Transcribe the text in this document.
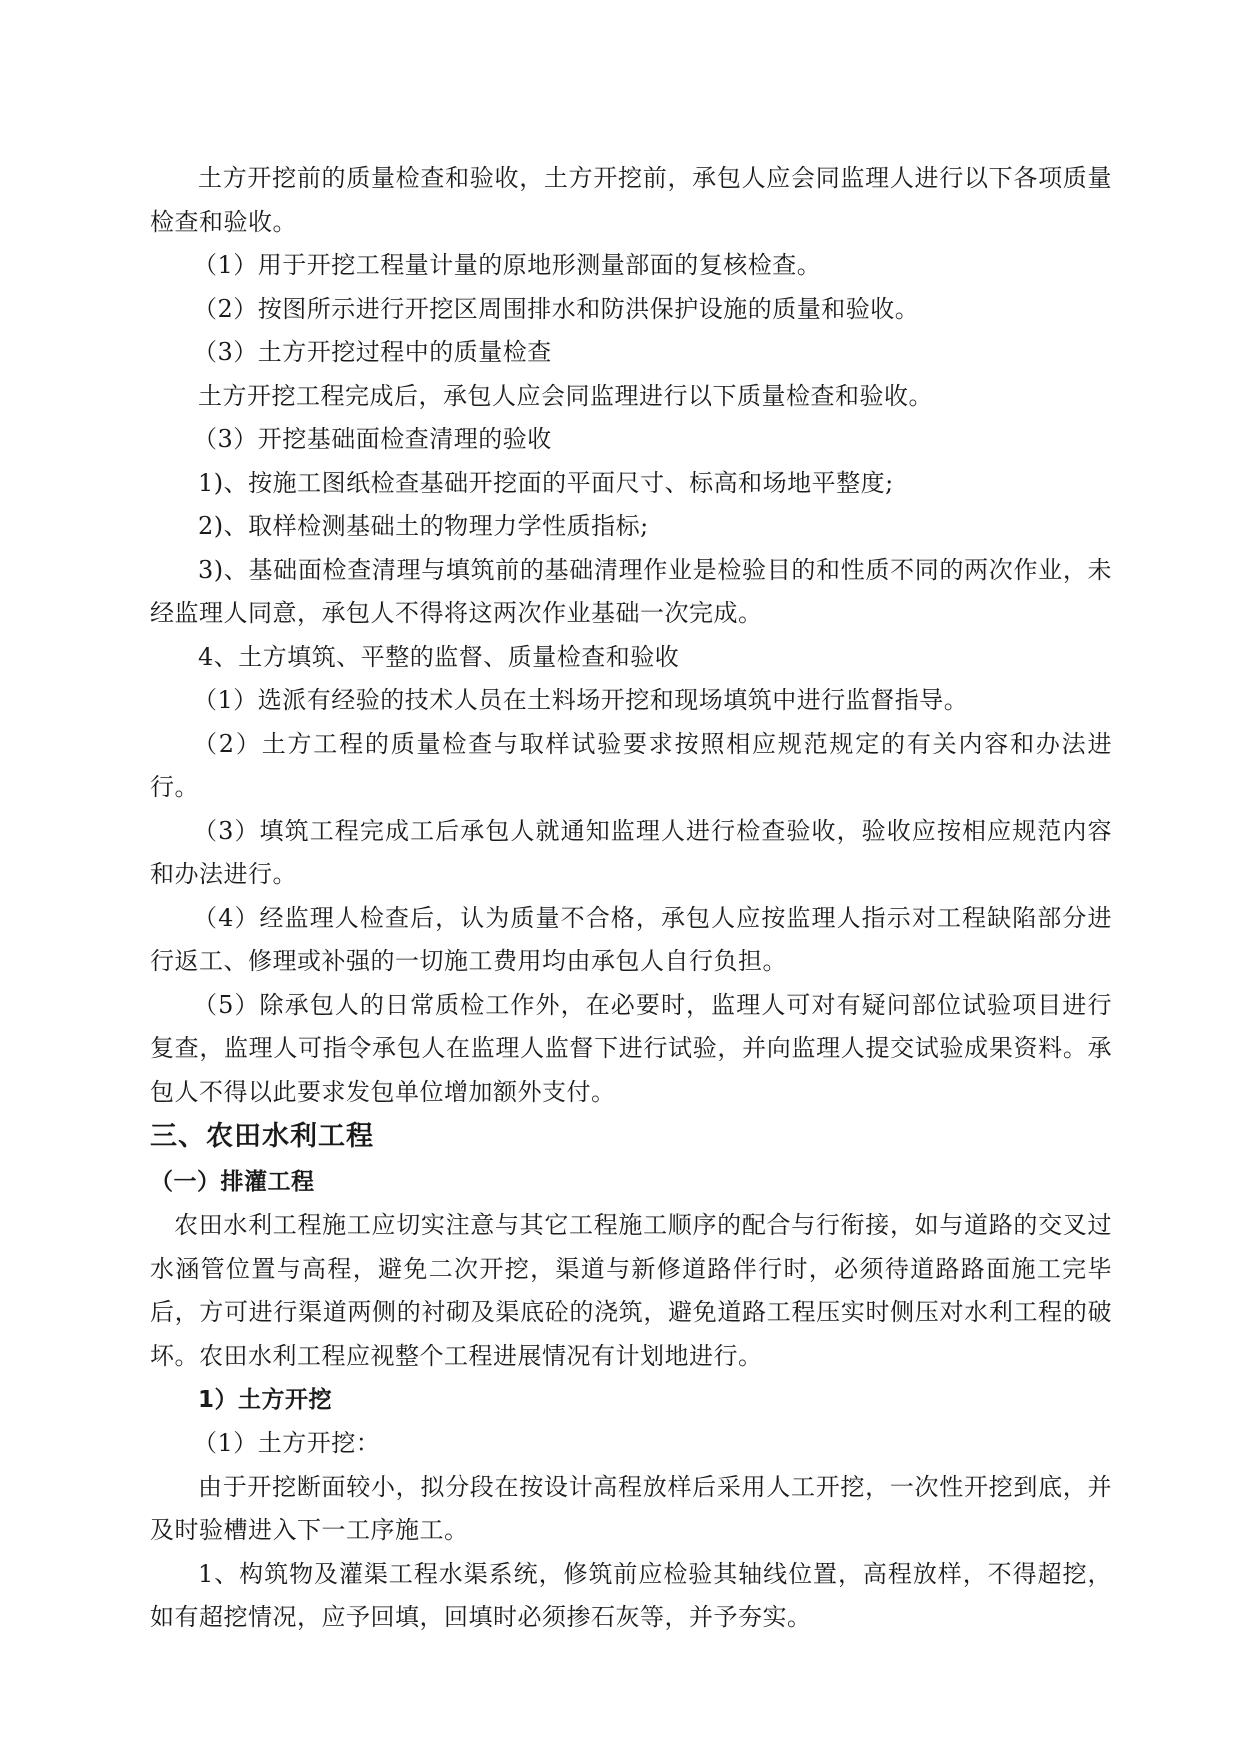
土方开挖前的质量检查和验收，土方开挖前，承包人应会同监理人进行以下各项质量检查和验收。

（1）用于开挖工程量计量的原地形测量部面的复核检查。

（2）按图所示进行开挖区周围排水和防洪保护设施的质量和验收。

（3）土方开挖过程中的质量检查

土方开挖工程完成后，承包人应会同监理进行以下质量检查和验收。

（3）开挖基础面检查清理的验收

1)、按施工图纸检查基础开挖面的平面尺寸、标高和场地平整度;

2)、取样检测基础土的物理力学性质指标;

3)、基础面检查清理与填筑前的基础清理作业是检验目的和性质不同的两次作业，未经监理人同意，承包人不得将这两次作业基础一次完成。

4、土方填筑、平整的监督、质量检查和验收

（1）选派有经验的技术人员在土料场开挖和现场填筑中进行监督指导。

（2）土方工程的质量检查与取样试验要求按照相应规范规定的有关内容和办法进行。

（3）填筑工程完成工后承包人就通知监理人进行检查验收，验收应按相应规范内容和办法进行。

（4）经监理人检查后，认为质量不合格，承包人应按监理人指示对工程缺陷部分进行返工、修理或补强的一切施工费用均由承包人自行负担。

（5）除承包人的日常质检工作外，在必要时，监理人可对有疑问部位试验项目进行复查，监理人可指令承包人在监理人监督下进行试验，并向监理人提交试验成果资料。承包人不得以此要求发包单位增加额外支付。

三、农田水利工程
（一）排灌工程

农田水利工程施工应切实注意与其它工程施工顺序的配合与行衔接，如与道路的交叉过水涵管位置与高程，避免二次开挖，渠道与新修道路伴行时，必须待道路路面施工完毕后，方可进行渠道两侧的衬砌及渠底砼的浇筑，避免道路工程压实时侧压对水利工程的破坏。农田水利工程应视整个工程进展情况有计划地进行。

1）土方开挖

（1）土方开挖：

由于开挖断面较小，拟分段在按设计高程放样后采用人工开挖，一次性开挖到底，并及时验槽进入下一工序施工。

1、构筑物及灌渠工程水渠系统，修筑前应检验其轴线位置，高程放样，不得超挖，如有超挖情况，应予回填，回填时必须掺石灰等，并予夯实。
